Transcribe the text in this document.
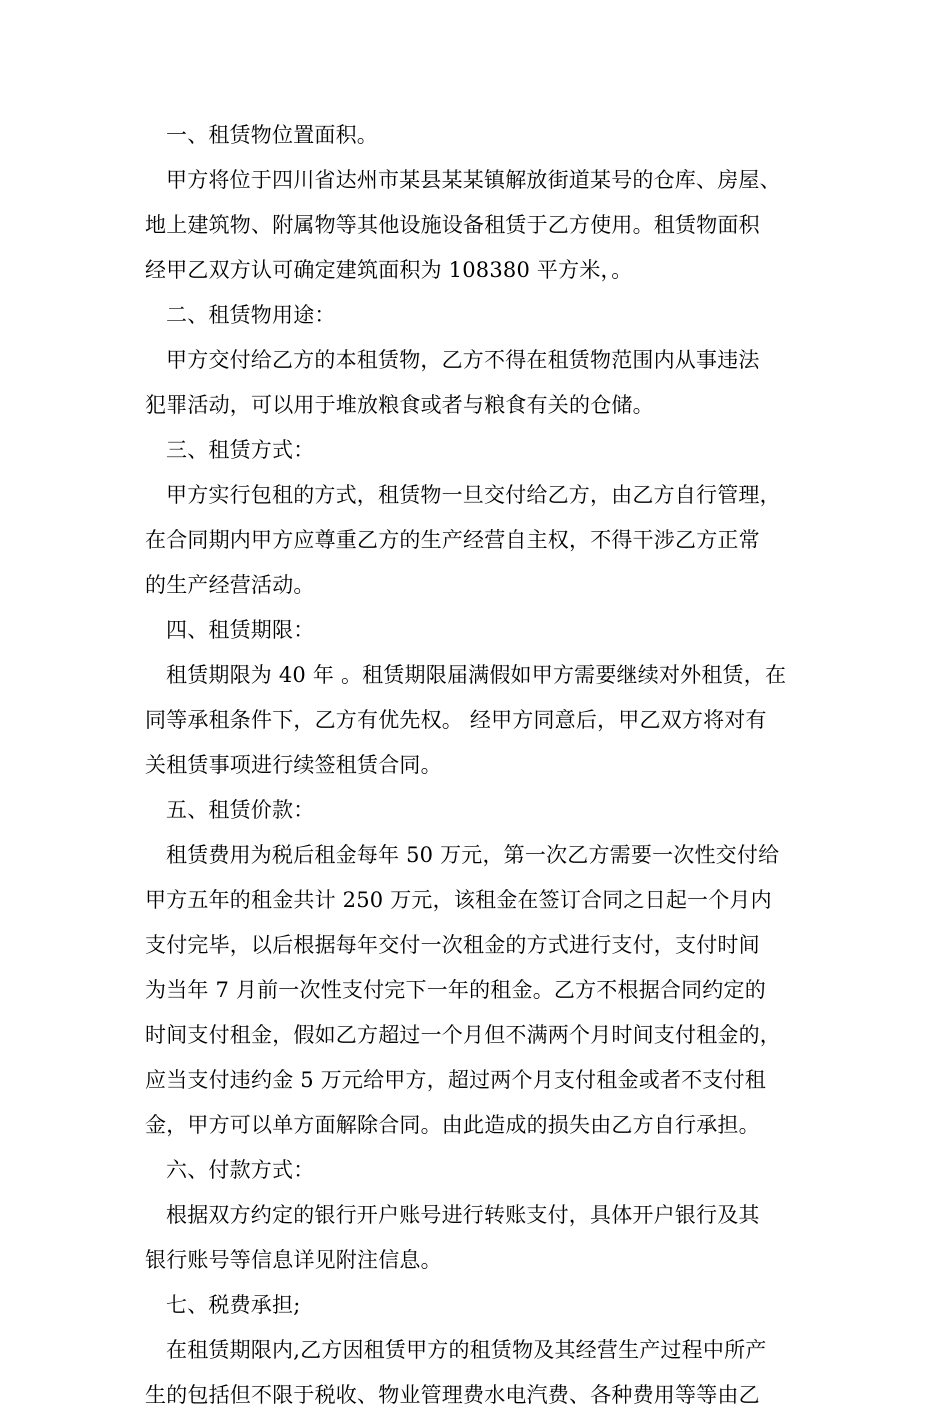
一、租赁物位置面积。
甲方将位于四川省达州市某县某某镇解放街道某号的仓库、房屋、
地上建筑物、附属物等其他设施设备租赁于乙方使用。租赁物面积
经甲乙双方认可确定建筑面积为 108380 平方米，。
二、租赁物用途：
甲方交付给乙方的本租赁物，乙方不得在租赁物范围内从事违法
犯罪活动，可以用于堆放粮食或者与粮食有关的仓储。
三、租赁方式：
甲方实行包租的方式，租赁物一旦交付给乙方，由乙方自行管理，
在合同期内甲方应尊重乙方的生产经营自主权，不得干涉乙方正常
的生产经营活动。
四、租赁期限：
租赁期限为 40 年 。租赁期限届满假如甲方需要继续对外租赁，在
同等承租条件下，乙方有优先权。 经甲方同意后，甲乙双方将对有
关租赁事项进行续签租赁合同。
五、租赁价款：
租赁费用为税后租金每年 50 万元，第一次乙方需要一次性交付给
甲方五年的租金共计 250 万元，该租金在签订合同之日起一个月内
支付完毕，以后根据每年交付一次租金的方式进行支付，支付时间
为当年 7 月前一次性支付完下一年的租金。乙方不根据合同约定的
时间支付租金，假如乙方超过一个月但不满两个月时间支付租金的，
应当支付违约金 5 万元给甲方，超过两个月支付租金或者不支付租
金，甲方可以单方面解除合同。由此造成的损失由乙方自行承担。
六、付款方式：
根据双方约定的银行开户账号进行转账支付，具体开户银行及其
银行账号等信息详见附注信息。
七、税费承担;
在租赁期限内,乙方因租赁甲方的租赁物及其经营生产过程中所产
生的包括但不限于税收、物业管理费水电汽费、各种费用等等由乙
